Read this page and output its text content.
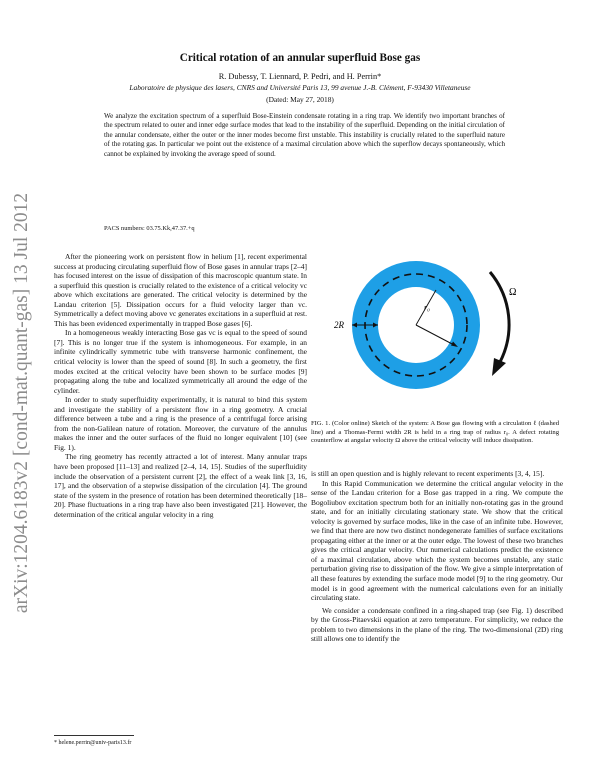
arXiv:1204.6183v2 [cond-mat.quant-gas] 13 Jul 2012
Critical rotation of an annular superfluid Bose gas
R. Dubessy, T. Liennard, P. Pedri, and H. Perrin*
Laboratoire de physique des lasers, CNRS and Université Paris 13, 99 avenue J.-B. Clément, F-93430 Villetaneuse
(Dated: May 27, 2018)

We analyze the excitation spectrum of a superfluid Bose-Einstein condensate rotating in a ring trap. We identify two important branches of the spectrum related to outer and inner edge surface modes that lead to the instability of the superfluid. Depending on the initial circulation of the annular condensate, either the outer or the inner modes become first unstable. This instability is crucially related to the superfluid nature of the rotating gas. In particular we point out the existence of a maximal circulation above which the superflow decays spontaneously, which cannot be explained by invoking the average speed of sound.

PACS numbers: 03.75.Kk,47.37.+q

2R
r₀
Ω

FIG. 1. (Color online) Sketch of the system: A Bose gas flowing with a circulation ℓ (dashed line) and a Thomas-Fermi width 2R is held in a ring trap of radius r₀. A defect rotating counterflow at angular velocity Ω above the critical velocity will induce dissipation.

After the pioneering work on persistent flow in helium [1], recent experimental success at producing circulating superfluid flow of Bose gases in annular traps [2–4] has focused interest on the issue of dissipation of this macroscopic quantum state. In a superfluid this question is crucially related to the existence of a critical velocity vc above which excitations are generated. The critical velocity is determined by the Landau criterion [5]. Dissipation occurs for a fluid velocity larger than vc. Symmetrically a defect moving above vc generates excitations in a superfluid at rest. This has been evidenced experimentally in trapped Bose gases [6].

In a homogeneous weakly interacting Bose gas vc is equal to the speed of sound [7]. This is no longer true if the system is inhomogeneous. For example, in an infinite cylindrically symmetric tube with transverse harmonic confinement, the critical velocity is lower than the speed of sound [8]. In such a geometry, the first modes excited at the critical velocity have been shown to be surface modes [9] propagating along the tube and localized symmetrically all around the edge of the cylinder.

In order to study superfluidity experimentally, it is natural to bind this system and investigate the stability of a persistent flow in a ring geometry. A crucial difference between a tube and a ring is the presence of a centrifugal force arising from the non-Galilean nature of rotation. Moreover, the curvature of the annulus makes the inner and the outer surfaces of the fluid no longer equivalent [10] (see Fig. 1).

The ring geometry has recently attracted a lot of interest. Many annular traps have been proposed [11–13] and realized [2–4, 14, 15]. Studies of the superfluidity include the observation of a persistent current [2], the effect of a weak link [3, 16, 17], and the observation of a stepwise dissipation of the circulation [4]. The ground state of the system in the presence of rotation has been determined theoretically [18–20]. Phase fluctuations in a ring trap have also been investigated [21]. However, the determination of the critical angular velocity in a ring

is still an open question and is highly relevant to recent experiments [3, 4, 15].

In this Rapid Communication we determine the critical angular velocity in the sense of the Landau criterion for a Bose gas trapped in a ring. We compute the Bogoliubov excitation spectrum both for an initially non-rotating gas in the ground state, and for an initially circulating stationary state. We show that the critical velocity is governed by surface modes, like in the case of an infinite tube. However, we find that there are now two distinct nondegenerate families of surface excitations propagating either at the inner or at the outer edge. The lowest of these two branches gives the critical angular velocity. Our numerical calculations predict the existence of a maximal circulation, above which the system becomes unstable, any static perturbation giving rise to dissipation of the flow. We give a simple interpretation of all these features by extending the surface mode model [9] to the ring geometry. Our model is in good agreement with the numerical calculations even for an initially circulating state.

We consider a condensate confined in a ring-shaped trap (see Fig. 1) described by the Gross-Pitaevskii equation at zero temperature. For simplicity, we reduce the problem to two dimensions in the plane of the ring. The two-dimensional (2D) ring still allows one to identify the

* helene.perrin@univ-paris13.fr
